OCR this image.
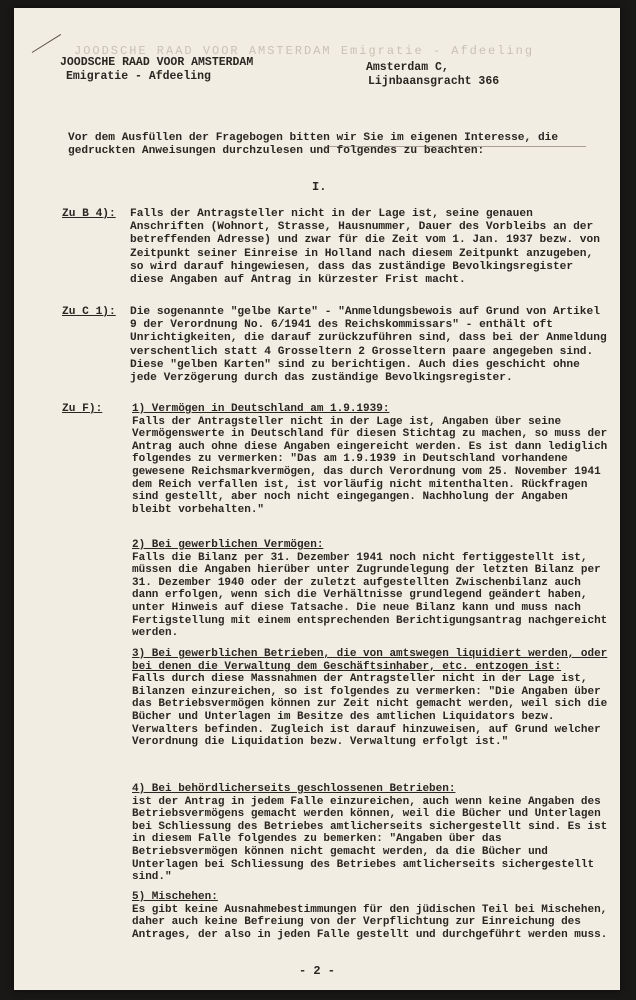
JOODSCHE RAAD VOOR AMSTERDAM Emigratie - Afdeeling
JOODSCHE RAAD VOOR AMSTERDAM
Emigratie - Afdeeling
Amsterdam C,
Lijnbaansgracht 366
Vor dem Ausfüllen der Fragebogen bitten wir Sie im eigenen Interesse, die gedruckten Anweisungen durchzulesen und folgendes zu beachten:
I.
Zu B 4): Falls der Antragsteller nicht in der Lage ist, seine genauen Anschriften (Wohnort, Strasse, Hausnummer, Dauer des Vorbleibs an der betreffenden Adresse) und zwar für die Zeit vom 1. Jan. 1937 bezw. von Zeitpunkt seiner Einreise in Holland nach diesem Zeitpunkt anzugeben, so wird darauf hingewiesen, dass das zuständige Bevolkingsregister diese Angaben auf Antrag in kürzester Frist macht.
Zu C 1): Die sogenannte "gelbe Karte" - "Anmeldungsbewois auf Grund von Artikel 9 der Verordnung No. 6/1941 des Reichskommissars" - enthält oft Unrichtigkeiten, die darauf zurückzuführen sind, dass bei der Anmeldung verschentlich statt 4 Grosseltern 2 Grosseltern paare angegeben sind. Diese "gelben Karten" sind zu berichtigen. Auch dies geschicht ohne jede Verzögerung durch das zuständige Bevolkingsregister.
Zu F):	1) Vermögen in Deutschland am 1.9.1939:

Falls der Antragsteller nicht in der Lage ist, Angaben über seine Vermögenswerte in Deutschland für diesen Stichtag zu machen, so muss der Antrag auch ohne diese Angaben eingereicht werden. Es ist dann lediglich folgendes zu vermerken: "Das am 1.9.1939 in Deutschland vorhandene gewesene Reichsmarkvermögen, das durch Verordnung vom 25. November 1941 dem Reich verfallen ist, ist vorläufig nicht mitenthalten. Rückfragen sind gestellt, aber noch nicht eingegangen. Nachholung der Angaben bleibt vorbehalten."

2) Bei gewerblichen Vermögen:

Falls die Bilanz per 31. Dezember 1941 noch nicht fertiggestellt ist, müssen die Angaben hierüber unter Zugrundelegung der letzten Bilanz per 31. Dezember 1940 oder der zuletzt aufgestellten Zwischenbilanz auch dann erfolgen, wenn sich die Verhältnisse grundlegend geändert haben, unter Hinweis auf diese Tatsache. Die neue Bilanz kann und muss nach Fertigstellung mit einem entsprechenden Berichtigungsantrag nachgereicht werden.

3) Bei gewerblichen Betrieben, die von amtswegen liquidiert werden, oder bei denen die Verwaltung dem Geschäftsinhaber, etc. entzogen ist:

Falls durch diese Massnahmen der Antragsteller nicht in der Lage ist, Bilanzen einzureichen, so ist folgendes zu vermerken: "Die Angaben über das Betriebsvermögen können zur Zeit nicht gemacht werden, weil sich die Bücher und Unterlagen im Besitze des amtlichen Liquidators bezw. Verwalters befinden. Zugleich ist darauf hinzuweisen, auf Grund welcher Verordnung die Liquidation bezw. Verwaltung erfolgt ist."

4) Bei behördlicherseits geschlossenen Betrieben:

ist der Antrag in jedem Falle einzureichen, auch wenn keine Angaben des Betriebsvermögens gemacht werden können, weil die Bücher und Unterlagen bei Schliessung des Betriebes amtlicherseits sichergestellt sind. Es ist in diesem Falle folgendes zu bemerken: "Angaben über das Betriebsvermögen können nicht gemacht werden, da die Bücher und Unterlagen bei Schliessung des Betriebes amtlicherseits sichergestellt sind."

5) Mischehen:

Es gibt keine Ausnahmebestimmungen für den jüdischen Teil bei Mischehen, daher auch keine Befreiung von der Verpflichtung zur Einreichung des Antrages, der also in jeden Falle gestellt und durchgeführt werden muss.

- 2 -
